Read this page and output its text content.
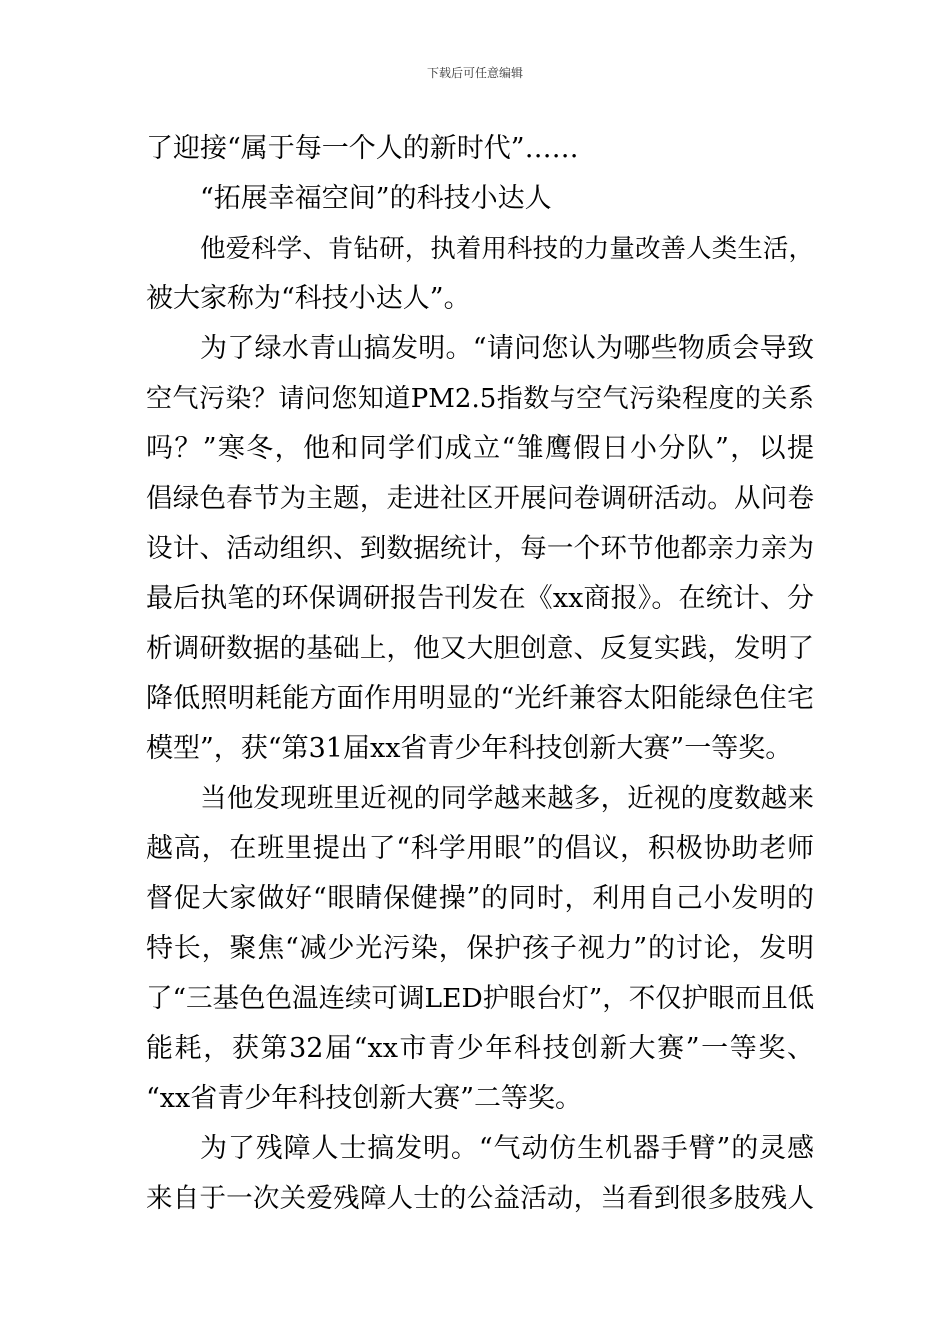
下载后可任意编辑
了迎接“属于每一个人的新时代”……
“拓展幸福空间”的科技小达人
他爱科学、肯钻研，执着用科技的力量改善人类生活，
被大家称为“科技小达人”。
为了绿水青山搞发明。“请问您认为哪些物质会导致
空气污染？请问您知道PM2.5指数与空气污染程度的关系
吗？”寒冬，他和同学们成立“雏鹰假日小分队”，以提
倡绿色春节为主题，走进社区开展问卷调研活动。从问卷
设计、活动组织、到数据统计，每一个环节他都亲力亲为
最后执笔的环保调研报告刊发在《xx商报》。在统计、分
析调研数据的基础上，他又大胆创意、反复实践，发明了
降低照明耗能方面作用明显的“光纤兼容太阳能绿色住宅
模型”，获“第31届xx省青少年科技创新大赛”一等奖。
当他发现班里近视的同学越来越多，近视的度数越来
越高，在班里提出了“科学用眼”的倡议，积极协助老师
督促大家做好“眼睛保健操”的同时，利用自己小发明的
特长，聚焦“减少光污染，保护孩子视力”的讨论，发明
了“三基色色温连续可调LED护眼台灯”，不仅护眼而且低
能耗，获第32届“xx市青少年科技创新大赛”一等奖、
“xx省青少年科技创新大赛”二等奖。
为了残障人士搞发明。“气动仿生机器手臂”的灵感
来自于一次关爱残障人士的公益活动，当看到很多肢残人
